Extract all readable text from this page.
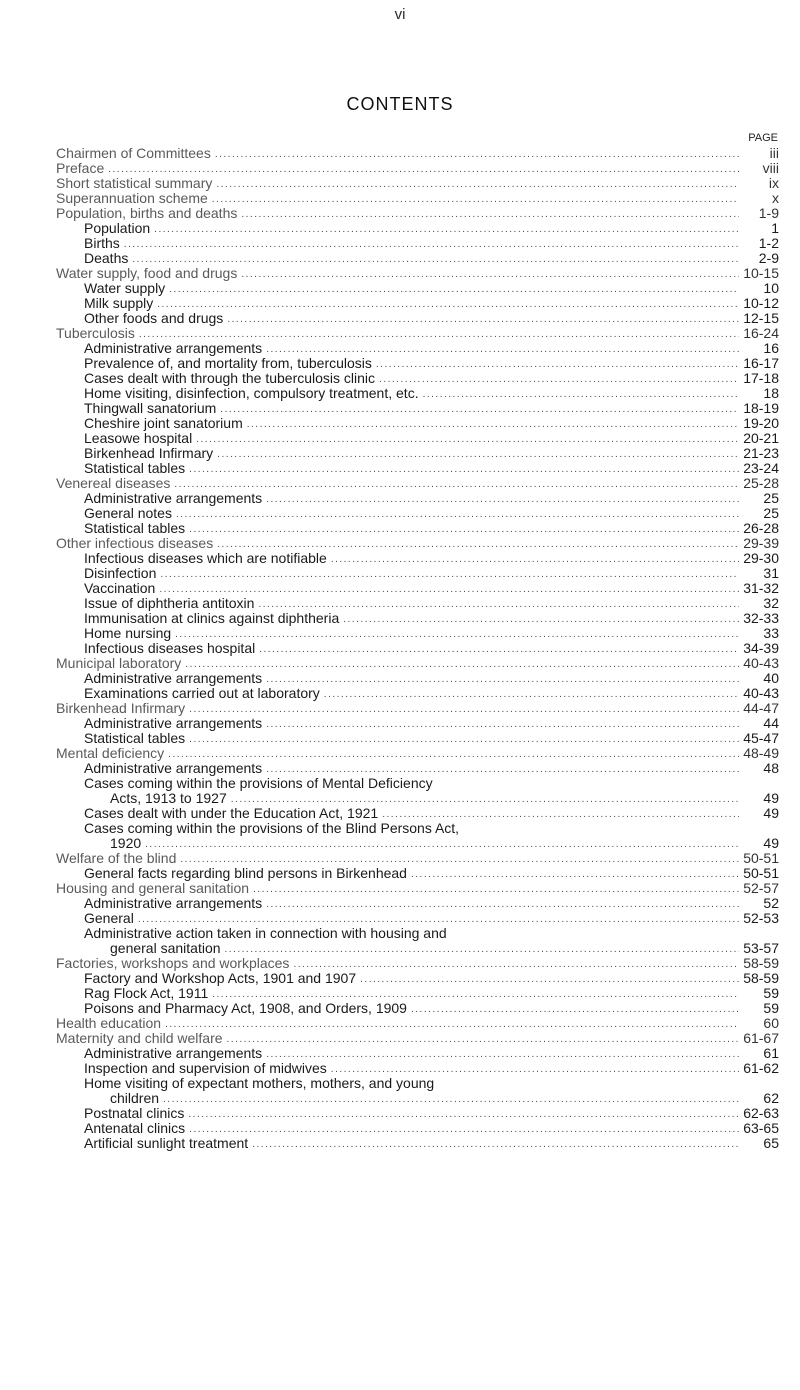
vi
CONTENTS
PAGE
Chairmen of Committees .....	iii
Preface .....	viii
Short statistical summary .....	ix
Superannuation scheme .....	x
Population, births and deaths .....	1-9
Population .....	1
Births .....	1-2
Deaths .....	2-9
Water supply, food and drugs .....	10-15
Water supply .....	10
Milk supply .....	10-12
Other foods and drugs .....	12-15
Tuberculosis .....	16-24
Administrative arrangements .....	16
Prevalence of, and mortality from, tuberculosis .....	16-17
Cases dealt with through the tuberculosis clinic .....	17-18
Home visiting, disinfection, compulsory treatment, etc. .....	18
Thingwall sanatorium .....	18-19
Cheshire joint sanatorium .....	19-20
Leasowe hospital .....	20-21
Birkenhead Infirmary .....	21-23
Statistical tables .....	23-24
Venereal diseases .....	25-28
Administrative arrangements .....	25
General notes .....	25
Statistical tables .....	26-28
Other infectious diseases .....	29-39
Infectious diseases which are notifiable .....	29-30
Disinfection .....	31
Vaccination .....	31-32
Issue of diphtheria antitoxin .....	32
Immunisation at clinics against diphtheria .....	32-33
Home nursing .....	33
Infectious diseases hospital .....	34-39
Municipal laboratory .....	40-43
Administrative arrangements .....	40
Examinations carried out at laboratory .....	40-43
Birkenhead Infirmary .....	44-47
Administrative arrangements .....	44
Statistical tables .....	45-47
Mental deficiency .....	48-49
Administrative arrangements .....	48
Cases coming within the provisions of Mental Deficiency
Acts, 1913 to 1927 .....	49
Cases dealt with under the Education Act, 1921 .....	49
Cases coming within the provisions of the Blind Persons Act,
1920 .....	49
Welfare of the blind .....	50-51
General facts regarding blind persons in Birkenhead .....	50-51
Housing and general sanitation .....	52-57
Administrative arrangements .....	52
General .....	52-53
Administrative action taken in connection with housing and
general sanitation .....	53-57
Factories, workshops and workplaces .....	58-59
Factory and Workshop Acts, 1901 and 1907 .....	58-59
Rag Flock Act, 1911 .....	59
Poisons and Pharmacy Act, 1908, and Orders, 1909 .....	59
Health education .....	60
Maternity and child welfare .....	61-67
Administrative arrangements .....	61
Inspection and supervision of midwives .....	61-62
Home visiting of expectant mothers, mothers, and young
children .....	62
Postnatal clinics .....	62-63
Antenatal clinics .....	63-65
Artificial sunlight treatment .....	65
